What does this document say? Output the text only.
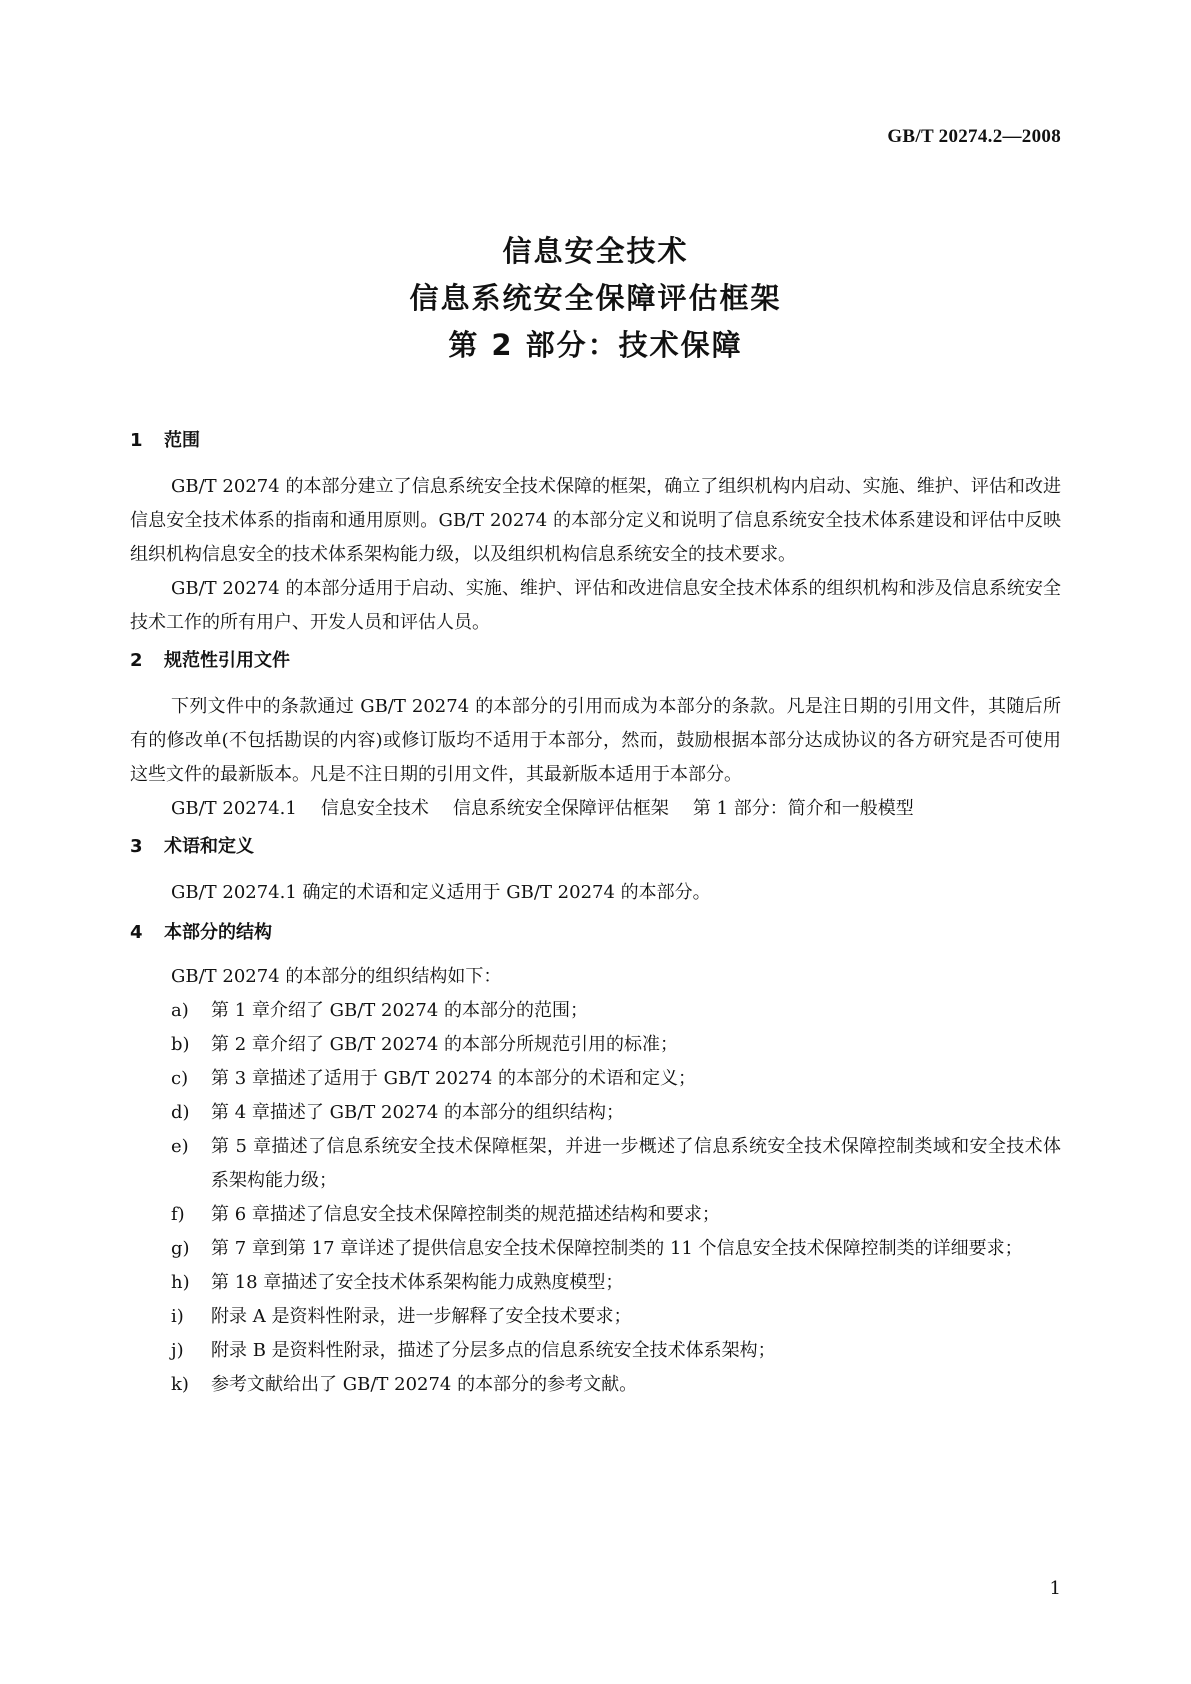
GB/T 20274.2—2008
信息安全技术
信息系统安全保障评估框架
第 2 部分：技术保障
1 范围

GB/T 20274 的本部分建立了信息系统安全技术保障的框架，确立了组织机构内启动、实施、维护、评估和改进信息安全技术体系的指南和通用原则。GB/T 20274 的本部分定义和说明了信息系统安全技术体系建设和评估中反映组织机构信息安全的技术体系架构能力级，以及组织机构信息系统安全的技术要求。

GB/T 20274 的本部分适用于启动、实施、维护、评估和改进信息安全技术体系的组织机构和涉及信息系统安全技术工作的所有用户、开发人员和评估人员。

2 规范性引用文件

下列文件中的条款通过 GB/T 20274 的本部分的引用而成为本部分的条款。凡是注日期的引用文件，其随后所有的修改单(不包括勘误的内容)或修订版均不适用于本部分，然而，鼓励根据本部分达成协议的各方研究是否可使用这些文件的最新版本。凡是不注日期的引用文件，其最新版本适用于本部分。

GB/T 20274.1 信息安全技术 信息系统安全保障评估框架 第 1 部分：简介和一般模型

3 术语和定义

GB/T 20274.1 确定的术语和定义适用于 GB/T 20274 的本部分。

4 本部分的结构

GB/T 20274 的本部分的组织结构如下：

a) 第 1 章介绍了 GB/T 20274 的本部分的范围；
b) 第 2 章介绍了 GB/T 20274 的本部分所规范引用的标准；
c) 第 3 章描述了适用于 GB/T 20274 的本部分的术语和定义；
d) 第 4 章描述了 GB/T 20274 的本部分的组织结构；
e) 第 5 章描述了信息系统安全技术保障框架，并进一步概述了信息系统安全技术保障控制类域和安全技术体系架构能力级；
f) 第 6 章描述了信息安全技术保障控制类的规范描述结构和要求；
g) 第 7 章到第 17 章详述了提供信息安全技术保障控制类的 11 个信息安全技术保障控制类的详细要求；
h) 第 18 章描述了安全技术体系架构能力成熟度模型；
i) 附录 A 是资料性附录，进一步解释了安全技术要求；
j) 附录 B 是资料性附录，描述了分层多点的信息系统安全技术体系架构；
k) 参考文献给出了 GB/T 20274 的本部分的参考文献。
1
